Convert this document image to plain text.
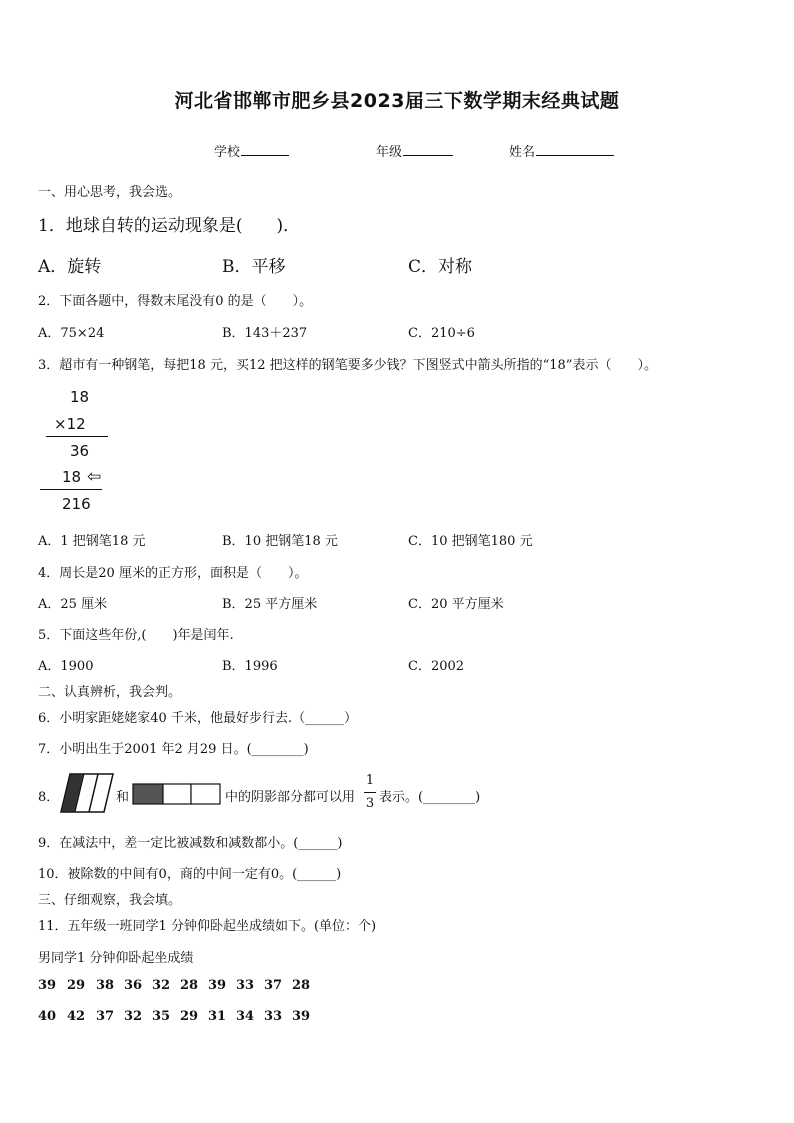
河北省邯郸市肥乡县2023届三下数学期末经典试题
学校	年级	姓名
一、用心思考，我会选。
1．地球自转的运动现象是(　　)．
A．旋转	B．平移	C．对称
2．下面各题中，得数末尾没有0 的是（　　）。
A．75×24	B．143＋237	C．210÷6
3．超市有一种钢笔，每把18 元，买12 把这样的钢笔要多少钱？下图竖式中箭头所指的“18”表示（　　）。
18
×12
36
18 ⇦
216
A．1 把钢笔18 元	B．10 把钢笔18 元	C．10 把钢笔180 元
4．周长是20 厘米的正方形，面积是（　　）。
A．25 厘米	B．25 平方厘米	C．20 平方厘米
5．下面这些年份,(　　)年是闰年.
A．1900	B．1996	C．2002
二、认真辨析，我会判。
6．小明家距姥姥家40 千米，他最好步行去.（______）
7．小明出生于2001 年2 月29 日。(________)
8．	和	中的阴影部分都可以用
1
3 表示。(________)
9．在减法中，差一定比被减数和减数都小。(______)
10．被除数的中间有0，商的中间一定有0。(______)
三、仔细观察，我会填。
11．五年级一班同学1 分钟仰卧起坐成绩如下。(单位：个)
男同学1 分钟仰卧起坐成绩
39 29 38 36 32 28 39 33 37 28
40 42 37 32 35 29 31 34 33 39
